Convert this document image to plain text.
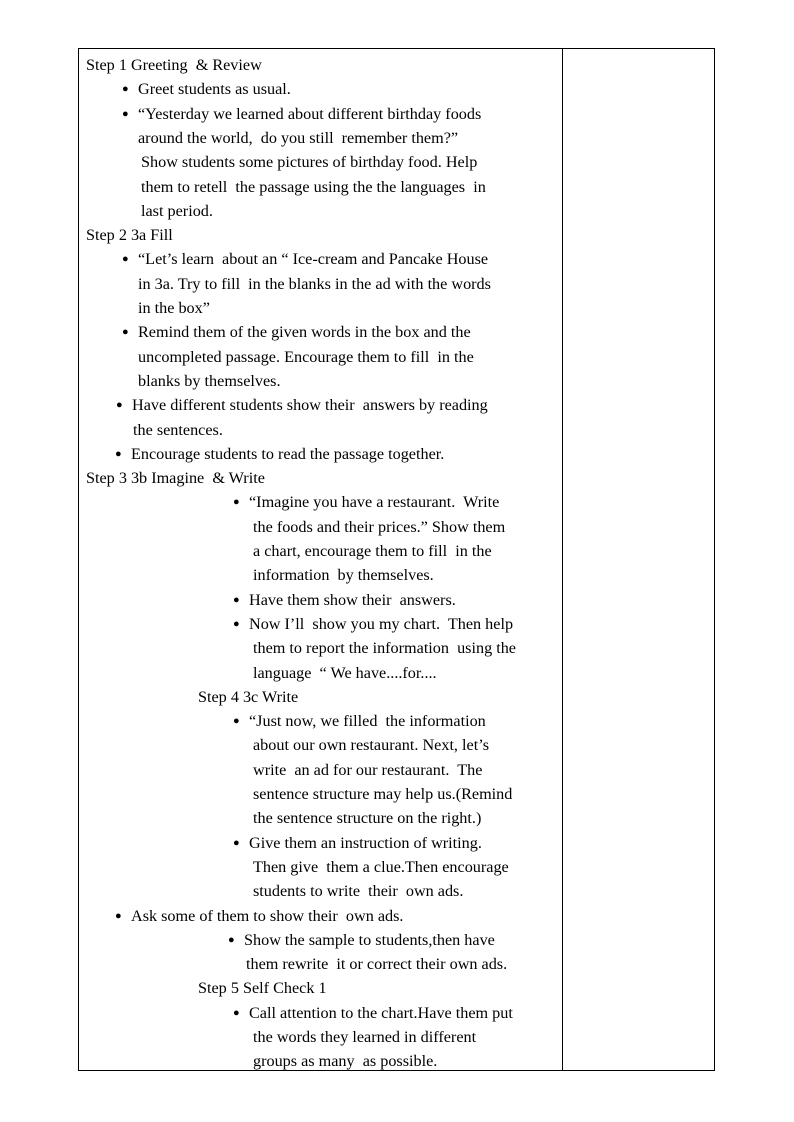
Step 1 Greeting  & Review
● Greet students as usual.
● “Yesterday we learned about different birthday foods
around the world,  do you still  remember them?”
Show students some pictures of birthday food. Help
them to retell  the passage using the the languages  in
last period.
Step 2 3a Fill
● “Let’s learn  about an “ Ice-cream and Pancake House
in 3a. Try to fill  in the blanks in the ad with the words
in the box”
● Remind them of the given words in the box and the
uncompleted passage. Encourage them to fill  in the
blanks by themselves.
● Have different students show their  answers by reading
the sentences.
● Encourage students to read the passage together.
Step 3 3b Imagine  & Write
● “Imagine you have a restaurant.  Write
the foods and their prices.” Show them
a chart, encourage them to fill  in the
information  by themselves.
● Have them show their  answers.
● Now I’ll  show you my chart.  Then help
them to report the information  using the
language  “ We have....for....
Step 4 3c Write
● “Just now, we filled  the information
about our own restaurant. Next, let’s
write  an ad for our restaurant.  The
sentence structure may help us.(Remind
the sentence structure on the right.)
● Give them an instruction of writing.
Then give  them a clue.Then encourage
students to write  their  own ads.
● Ask some of them to show their  own ads.
● Show the sample to students,then have
them rewrite  it or correct their own ads.
Step 5 Self Check 1
● Call attention to the chart.Have them put
the words they learned in different
groups as many  as possible.
